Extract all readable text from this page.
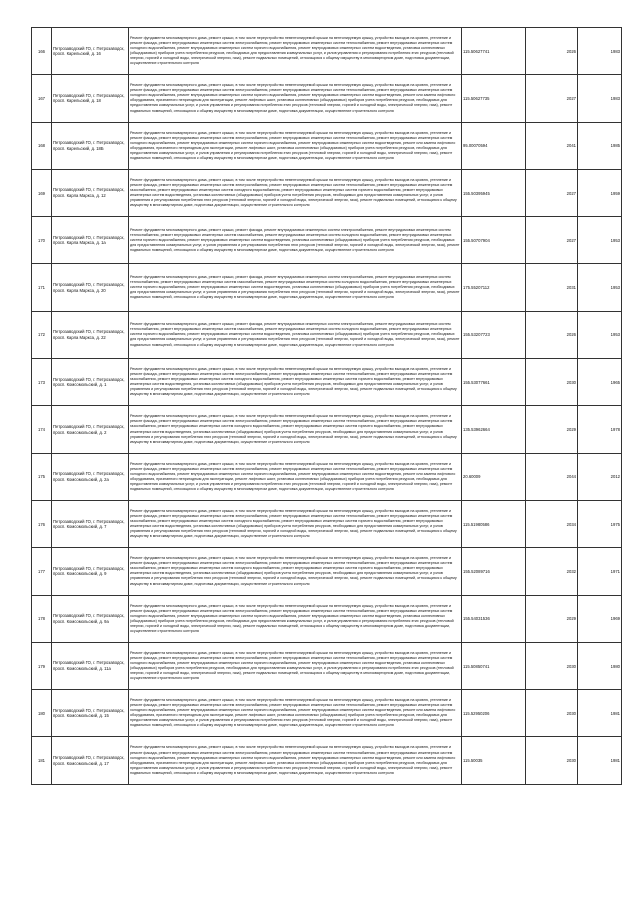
166	Петрозаводский ГО, г. Петрозаводск, просп. Карельский, д. 16	Ремонт фундамента многоквартирного дома, ремонт крыши, в том числе переустройство невентилируемой крыши на вентилируемую крышу, устройство выходов на кровлю, утепление и ремонт фасада, ремонт внутридомовых инженерных систем электроснабжения, ремонт внутридомовых инженерных систем теплоснабжения, ремонт внутридомовых инженерных систем холодного водоснабжения, ремонт внутридомовых инженерных систем горячего водоснабжения, ремонт внутридомовых инженерных систем водоотведения, установка коллективных (общедомовых) приборов учета потребления ресурсов, необходимых для предоставления коммунальных услуг, и узлов управления и регулирования потребления этих ресурсов (тепловой энергии, горячей и холодной воды, электрической энергии, газа), ремонт подвальных помещений, относящихся к общему имуществу в многоквартирном доме, подготовка документации, осуществление строительного контроля	115.50627741	2026	1983
167	Петрозаводский ГО, г. Петрозаводск, просп. Карельский, д. 18	Ремонт фундамента многоквартирного дома, ремонт крыши, в том числе переустройство невентилируемой крыши на вентилируемую крышу, устройство выходов на кровлю, утепление и ремонт фасада, ремонт внутридомовых инженерных систем электроснабжения, ремонт внутридомовых инженерных систем теплоснабжения, ремонт внутридомовых инженерных систем холодного водоснабжения, ремонт внутридомовых инженерных систем горячего водоснабжения, ремонт внутридомовых инженерных систем водоотведения, ремонт или замена лифтового оборудования, признанного непригодным для эксплуатации, ремонт лифтовых шахт, установка коллективных (общедомовых) приборов учета потребления ресурсов, необходимых для предоставления коммунальных услуг, и узлов управления и регулирования потребления этих ресурсов (тепловой энергии, горячей и холодной воды, электрической энергии, газа), ремонт подвальных помещений, относящихся к общему имуществу в многоквартирном доме, подготовка документации, осуществление строительного контроля	115.50627735	2027	1983
168	Петрозаводский ГО, г. Петрозаводск, просп. Карельский, д. 18Б	Ремонт фундамента многоквартирного дома, ремонт крыши, в том числе переустройство невентилируемой крыши на вентилируемую крышу, устройство выходов на кровлю, утепление и ремонт фасада, ремонт внутридомовых инженерных систем электроснабжения, ремонт внутридомовых инженерных систем теплоснабжения, ремонт внутридомовых инженерных систем холодного водоснабжения, ремонт внутридомовых инженерных систем горячего водоснабжения, ремонт внутридомовых инженерных систем водоотведения, ремонт или замена лифтового оборудования, признанного непригодным для эксплуатации, ремонт лифтовых шахт, установка коллективных (общедомовых) приборов учета потребления ресурсов, необходимых для предоставления коммунальных услуг, и узлов управления и регулирования потребления этих ресурсов (тепловой энергии, горячей и холодной воды, электрической энергии, газа), ремонт подвальных помещений, относящихся к общему имуществу в многоквартирном доме, подготовка документации, осуществление строительного контроля	95.00070594	2041	1985
169	Петрозаводский ГО, г. Петрозаводск, просп. Карла Маркса, д. 12	Ремонт фундамента многоквартирного дома, ремонт крыши, в том числе переустройство невентилируемой крыши на вентилируемую крышу, устройство выходов на кровлю, утепление и ремонт фасада, ремонт внутридомовых инженерных систем электроснабжения, ремонт внутридомовых инженерных систем теплоснабжения, ремонт внутридомовых инженерных систем газоснабжения, ремонт внутридомовых инженерных систем холодного водоснабжения, ремонт внутридомовых инженерных систем горячего водоснабжения, ремонт внутридомовых инженерных систем водоотведения, установка коллективных (общедомовых) приборов учета потребления ресурсов, необходимых для предоставления коммунальных услуг, и узлов управления и регулирования потребления этих ресурсов (тепловой энергии, горячей и холодной воды, электрической энергии, газа), ремонт подвальных помещений, относящихся к общему имуществу в многоквартирном доме, подготовка документации, осуществление строительного контроля	155.50395945	2027	1959
170	Петрозаводский ГО, г. Петрозаводск, просп. Карла Маркса, д. 1а	Ремонт фундамента многоквартирного дома, ремонт крыши, ремонт фасада, ремонт внутридомовых инженерных систем электроснабжения, ремонт внутридомовых инженерных систем теплоснабжения, ремонт внутридомовых инженерных систем газоснабжения, ремонт внутридомовых инженерных систем холодного водоснабжения, ремонт внутридомовых инженерных систем горячего водоснабжения, ремонт внутридомовых инженерных систем водоотведения, установка коллективных (общедомовых) приборов учета потребления ресурсов, необходимых для предоставления коммунальных услуг, и узлов управления и регулирования потребления этих ресурсов (тепловой энергии, горячей и холодной воды, электрической энергии, газа), ремонт подвальных помещений, относящихся к общему имуществу в многоквартирном доме, подготовка документации, осуществление строительного контроля	155.50707904	2027	1953
171	Петрозаводский ГО, г. Петрозаводск, просп. Карла Маркса, д. 20	Ремонт фундамента многоквартирного дома, ремонт крыши, ремонт фасада, ремонт внутридомовых инженерных систем электроснабжения, ремонт внутридомовых инженерных систем теплоснабжения, ремонт внутридомовых инженерных систем газоснабжения, ремонт внутридомовых инженерных систем холодного водоснабжения, ремонт внутридомовых инженерных систем горячего водоснабжения, ремонт внутридомовых инженерных систем водоотведения, установка коллективных (общедомовых) приборов учета потребления ресурсов, необходимых для предоставления коммунальных услуг, и узлов управления и регулирования потребления этих ресурсов (тепловой энергии, горячей и холодной воды, электрической энергии, газа), ремонт подвальных помещений, относящихся к общему имуществу в многоквартирном доме, подготовка документации, осуществление строительного контроля	175.55207112	2031	1953
172	Петрозаводский ГО, г. Петрозаводск, просп. Карла Маркса, д. 22	Ремонт фундамента многоквартирного дома, ремонт крыши, ремонт фасада, ремонт внутридомовых инженерных систем электроснабжения, ремонт внутридомовых инженерных систем теплоснабжения, ремонт внутридомовых инженерных систем газоснабжения, ремонт внутридомовых инженерных систем холодного водоснабжения, ремонт внутридомовых инженерных систем горячего водоснабжения, ремонт внутридомовых инженерных систем водоотведения, установка коллективных (общедомовых) приборов учета потребления ресурсов, необходимых для предоставления коммунальных услуг, и узлов управления и регулирования потребления этих ресурсов (тепловой энергии, горячей и холодной воды, электрической энергии, газа), ремонт подвальных помещений, относящихся к общему имуществу в многоквартирном доме, подготовка документации, осуществление строительного контроля	155.53207723	2026	1953
173	Петрозаводский ГО, г. Петрозаводск, просп. Комсомольский, д. 1	Ремонт фундамента многоквартирного дома, ремонт крыши, в том числе переустройство невентилируемой крыши на вентилируемую крышу, устройство выходов на кровлю, утепление и ремонт фасада, ремонт внутридомовых инженерных систем электроснабжения, ремонт внутридомовых инженерных систем теплоснабжения, ремонт внутридомовых инженерных систем газоснабжения, ремонт внутридомовых инженерных систем холодного водоснабжения, ремонт внутридомовых инженерных систем горячего водоснабжения, ремонт внутридомовых инженерных систем водоотведения, установка коллективных (общедомовых) приборов учета потребления ресурсов, необходимых для предоставления коммунальных услуг, и узлов управления и регулирования потребления этих ресурсов (тепловой энергии, горячей и холодной воды, электрической энергии, газа), ремонт подвальных помещений, относящихся к общему имуществу в многоквартирном доме, подготовка документации, осуществление строительного контроля	155.53077661	2030	1965
174	Петрозаводский ГО, г. Петрозаводск, просп. Комсомольский, д. 2	Ремонт фундамента многоквартирного дома, ремонт крыши, в том числе переустройство невентилируемой крыши на вентилируемую крышу, устройство выходов на кровлю, утепление и ремонт фасада, ремонт внутридомовых инженерных систем электроснабжения, ремонт внутридомовых инженерных систем теплоснабжения, ремонт внутридомовых инженерных систем газоснабжения, ремонт внутридомовых инженерных систем холодного водоснабжения, ремонт внутридомовых инженерных систем горячего водоснабжения, ремонт внутридомовых инженерных систем водоотведения, установка коллективных (общедомовых) приборов учета потребления ресурсов, необходимых для предоставления коммунальных услуг, и узлов управления и регулирования потребления этих ресурсов (тепловой энергии, горячей и холодной воды, электрической энергии, газа), ремонт подвальных помещений, относящихся к общему имуществу в многоквартирном доме, подготовка документации, осуществление строительного контроля	135.53962664	2029	1978
175	Петрозаводский ГО, г. Петрозаводск, просп. Комсомольский, д. 2а	Ремонт фундамента многоквартирного дома, ремонт крыши, в том числе переустройство невентилируемой крыши на вентилируемую крышу, устройство выходов на кровлю, утепление и ремонт фасада, ремонт внутридомовых инженерных систем электроснабжения, ремонт внутридомовых инженерных систем теплоснабжения, ремонт внутридомовых инженерных систем холодного водоснабжения, ремонт внутридомовых инженерных систем горячего водоснабжения, ремонт внутридомовых инженерных систем водоотведения, ремонт или замена лифтового оборудования, признанного непригодным для эксплуатации, ремонт лифтовых шахт, установка коллективных (общедомовых) приборов учета потребления ресурсов, необходимых для предоставления коммунальных услуг, и узлов управления и регулирования потребления этих ресурсов (тепловой энергии, горячей и холодной воды, электрической энергии, газа), ремонт подвальных помещений, относящихся к общему имуществу в многоквартирном доме, подготовка документации, осуществление строительного контроля	20.60009	2044	2012
176	Петрозаводский ГО, г. Петрозаводск, просп. Комсомольский, д. 7	Ремонт фундамента многоквартирного дома, ремонт крыши, в том числе переустройство невентилируемой крыши на вентилируемую крышу, устройство выходов на кровлю, утепление и ремонт фасада, ремонт внутридомовых инженерных систем электроснабжения, ремонт внутридомовых инженерных систем теплоснабжения, ремонт внутридомовых инженерных систем газоснабжения, ремонт внутридомовых инженерных систем холодного водоснабжения, ремонт внутридомовых инженерных систем горячего водоснабжения, ремонт внутридомовых инженерных систем водоотведения, установка коллективных (общедомовых) приборов учета потребления ресурсов, необходимых для предоставления коммунальных услуг, и узлов управления и регулирования потребления этих ресурсов (тепловой энергии, горячей и холодной воды, электрической энергии, газа), ремонт подвальных помещений, относящихся к общему имуществу в многоквартирном доме, подготовка документации, осуществление строительного контроля	115.51980586	2034	1975
177	Петрозаводский ГО, г. Петрозаводск, просп. Комсомольский, д. 9	Ремонт фундамента многоквартирного дома, ремонт крыши, в том числе переустройство невентилируемой крыши на вентилируемую крышу, устройство выходов на кровлю, утепление и ремонт фасада, ремонт внутридомовых инженерных систем электроснабжения, ремонт внутридомовых инженерных систем теплоснабжения, ремонт внутридомовых инженерных систем газоснабжения, ремонт внутридомовых инженерных систем холодного водоснабжения, ремонт внутридомовых инженерных систем горячего водоснабжения, ремонт внутридомовых инженерных систем водоотведения, установка коллективных (общедомовых) приборов учета потребления ресурсов, необходимых для предоставления коммунальных услуг, и узлов управления и регулирования потребления этих ресурсов (тепловой энергии, горячей и холодной воды, электрической энергии, газа), ремонт подвальных помещений, относящихся к общему имуществу в многоквартирном доме, подготовка документации, осуществление строительного контроля	155.52089716	2032	1971
178	Петрозаводский ГО, г. Петрозаводск, просп. Комсомольский, д. 9а	Ремонт фундамента многоквартирного дома, ремонт крыши, в том числе переустройство невентилируемой крыши на вентилируемую крышу, устройство выходов на кровлю, утепление и ремонт фасада, ремонт внутридомовых инженерных систем электроснабжения, ремонт внутридомовых инженерных систем теплоснабжения, ремонт внутридомовых инженерных систем холодного водоснабжения, ремонт внутридомовых инженерных систем горячего водоснабжения, ремонт внутридомовых инженерных систем водоотведения, установка коллективных (общедомовых) приборов учета потребления ресурсов, необходимых для предоставления коммунальных услуг, и узлов управления и регулирования потребления этих ресурсов (тепловой энергии, горячей и холодной воды, электрической энергии, газа), ремонт подвальных помещений, относящихся к общему имуществу в многоквартирном доме, подготовка документации, осуществление строительного контроля	155.54031536	2029	1969
179	Петрозаводский ГО, г. Петрозаводск, просп. Комсомольский, д. 11а	Ремонт фундамента многоквартирного дома, ремонт крыши, в том числе переустройство невентилируемой крыши на вентилируемую крышу, устройство выходов на кровлю, утепление и ремонт фасада, ремонт внутридомовых инженерных систем электроснабжения, ремонт внутридомовых инженерных систем теплоснабжения, ремонт внутридомовых инженерных систем холодного водоснабжения, ремонт внутридомовых инженерных систем горячего водоснабжения, ремонт внутридомовых инженерных систем водоотведения, установка коллективных (общедомовых) приборов учета потребления ресурсов, необходимых для предоставления коммунальных услуг, и узлов управления и регулирования потребления этих ресурсов (тепловой энергии, горячей и холодной воды, электрической энергии, газа), ремонт подвальных помещений, относящихся к общему имуществу в многоквартирном доме, подготовка документации, осуществление строительного контроля	115.50850741	2030	1980
180	Петрозаводский ГО, г. Петрозаводск, просп. Комсомольский, д. 15	Ремонт фундамента многоквартирного дома, ремонт крыши, в том числе переустройство невентилируемой крыши на вентилируемую крышу, устройство выходов на кровлю, утепление и ремонт фасада, ремонт внутридомовых инженерных систем электроснабжения, ремонт внутридомовых инженерных систем теплоснабжения, ремонт внутридомовых инженерных систем холодного водоснабжения, ремонт внутридомовых инженерных систем горячего водоснабжения, ремонт внутридомовых инженерных систем водоотведения, ремонт или замена лифтового оборудования, признанного непригодным для эксплуатации, ремонт лифтовых шахт, установка коллективных (общедомовых) приборов учета потребления ресурсов, необходимых для предоставления коммунальных услуг, и узлов управления и регулирования потребления этих ресурсов (тепловой энергии, горячей и холодной воды, электрической энергии, газа), ремонт подвальных помещений, относящихся к общему имуществу в многоквартирном доме, подготовка документации, осуществление строительного контроля	115.52950206	2030	1981
181	Петрозаводский ГО, г. Петрозаводск, просп. Комсомольский, д. 17	Ремонт фундамента многоквартирного дома, ремонт крыши, в том числе переустройство невентилируемой крыши на вентилируемую крышу, устройство выходов на кровлю, утепление и ремонт фасада, ремонт внутридомовых инженерных систем электроснабжения, ремонт внутридомовых инженерных систем теплоснабжения, ремонт внутридомовых инженерных систем холодного водоснабжения, ремонт внутридомовых инженерных систем горячего водоснабжения, ремонт внутридомовых инженерных систем водоотведения, ремонт или замена лифтового оборудования, признанного непригодным для эксплуатации, ремонт лифтовых шахт, установка коллективных (общедомовых) приборов учета потребления ресурсов, необходимых для предоставления коммунальных услуг, и узлов управления и регулирования потребления этих ресурсов (тепловой энергии, горячей и холодной воды, электрической энергии, газа), ремонт подвальных помещений, относящихся к общему имуществу в многоквартирном доме, подготовка документации, осуществление строительного контроля	115.50035	2030	1981
